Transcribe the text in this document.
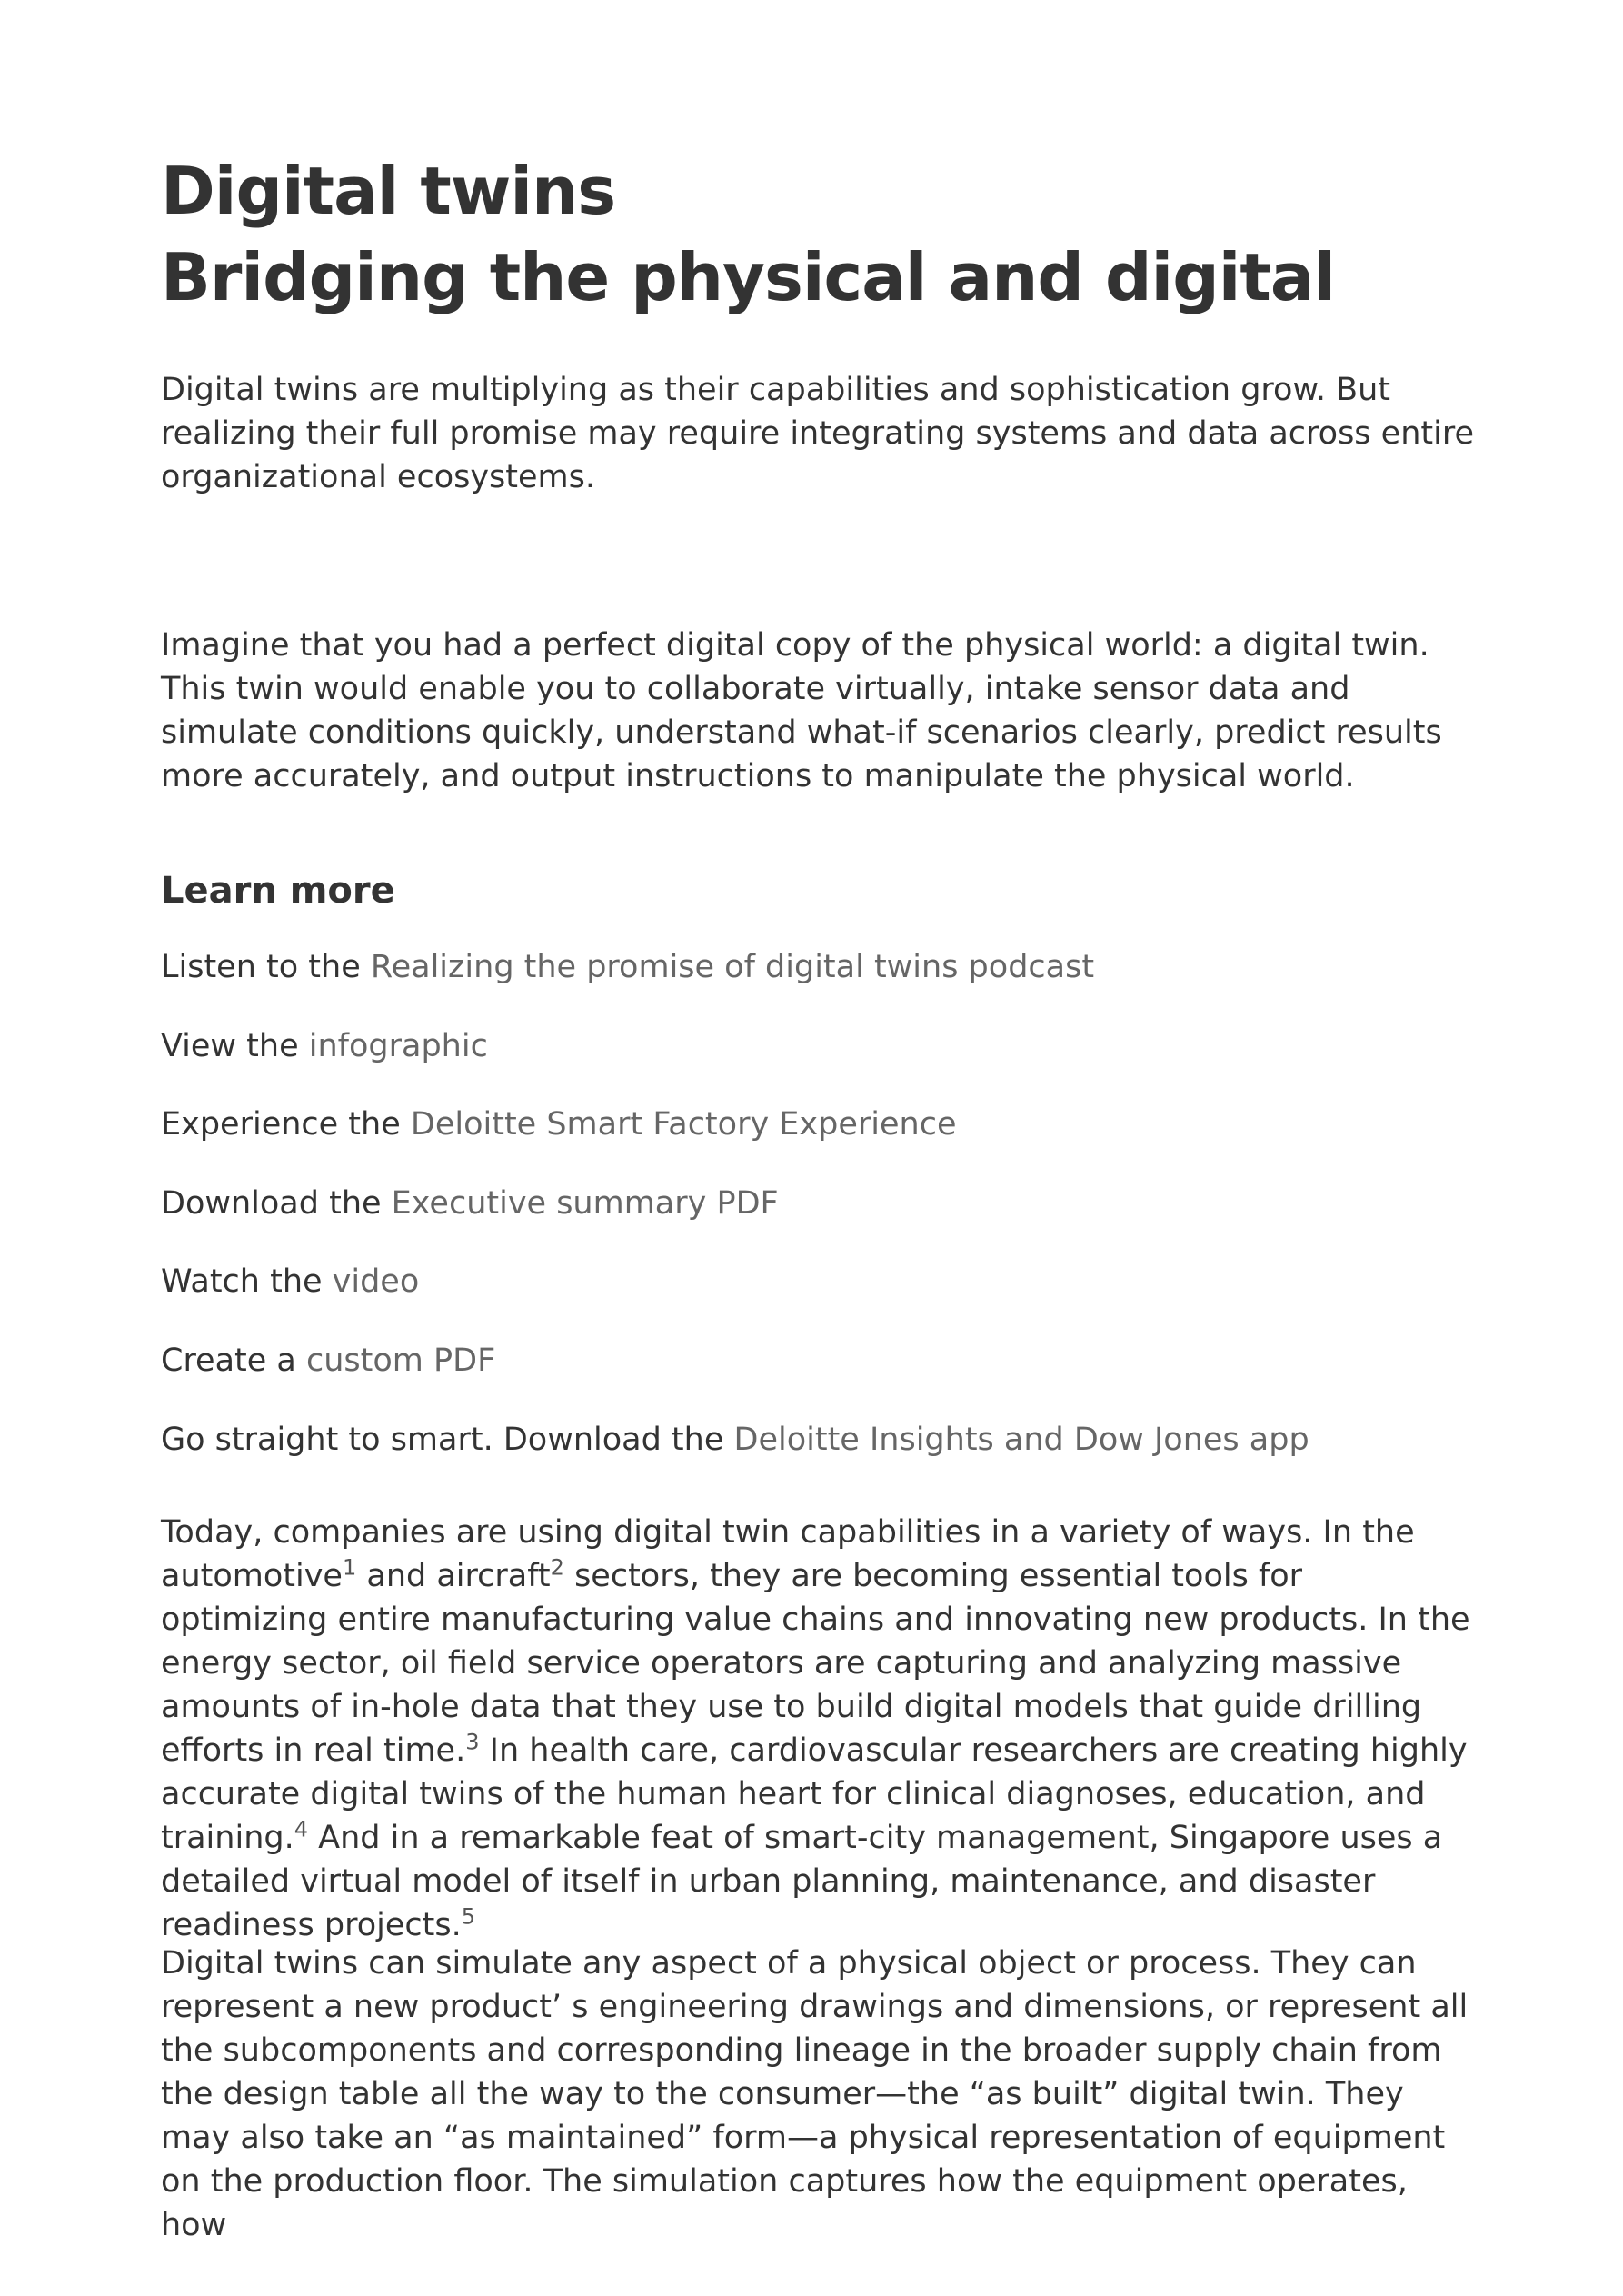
Digital twins
Bridging the physical and digital

Digital twins are multiplying as their capabilities and sophistication grow. But realizing their full promise may require integrating systems and data across entire organizational ecosystems.

Imagine that you had a perfect digital copy of the physical world: a digital twin. This twin would enable you to collaborate virtually, intake sensor data and simulate conditions quickly, understand what-if scenarios clearly, predict results more accurately, and output instructions to manipulate the physical world.

Learn more

Listen to the Realizing the promise of digital twins podcast

View the infographic

Experience the Deloitte Smart Factory Experience

Download the Executive summary PDF

Watch the video

Create a custom PDF

Go straight to smart. Download the Deloitte Insights and Dow Jones app

Today, companies are using digital twin capabilities in a variety of ways. In the automotive$^1$ and aircraft$^2$ sectors, they are becoming essential tools for optimizing entire manufacturing value chains and innovating new products. In the energy sector, oil field service operators are capturing and analyzing massive amounts of in-hole data that they use to build digital models that guide drilling efforts in real time.$^3$ In health care, cardiovascular researchers are creating highly accurate digital twins of the human heart for clinical diagnoses, education, and training.$^4$ And in a remarkable feat of smart-city management, Singapore uses a detailed virtual model of itself in urban planning, maintenance, and disaster readiness projects.$^5$

Digital twins can simulate any aspect of a physical object or process. They can represent a new product’ s engineering drawings and dimensions, or represent all the subcomponents and corresponding lineage in the broader supply chain from the design table all the way to the consumer—the “as built” digital twin. They may also take an “as maintained” form—a physical representation of equipment on the production floor. The simulation captures how the equipment operates, how
